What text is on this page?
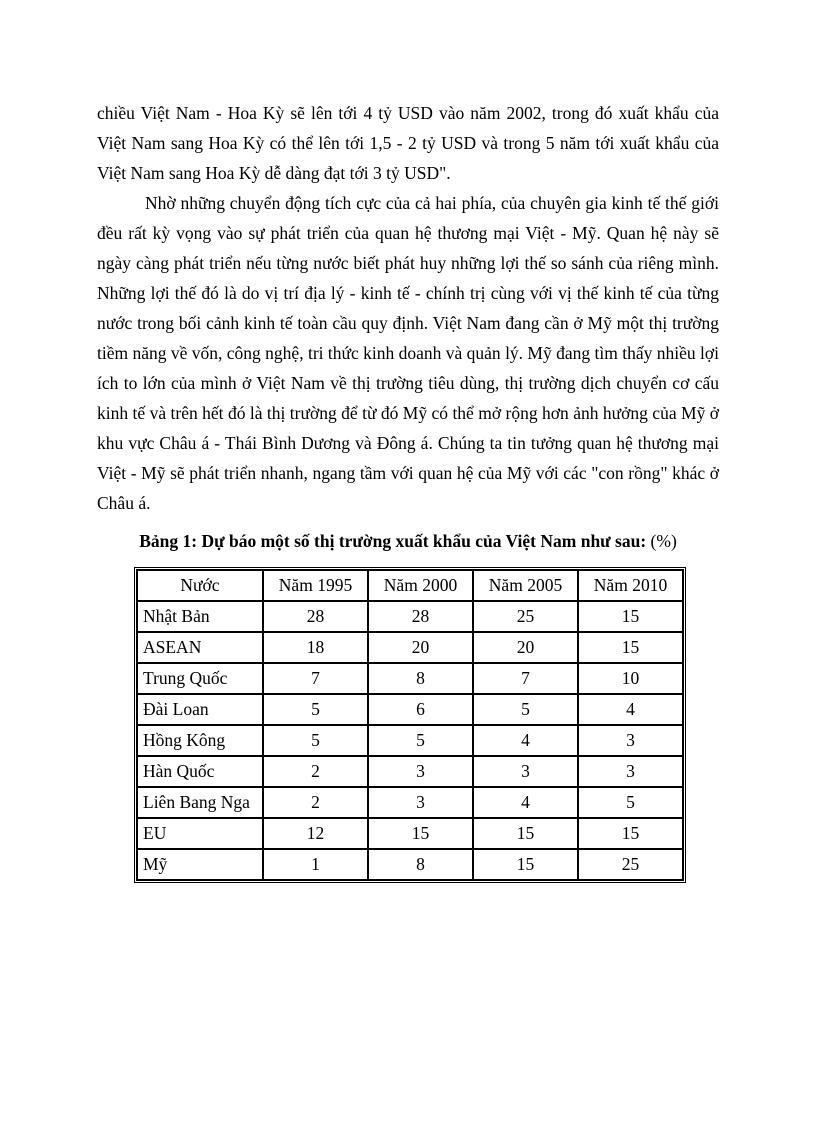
chiều Việt Nam - Hoa Kỳ sẽ lên tới 4 tỷ USD vào năm 2002, trong đó xuất khẩu của Việt Nam sang Hoa Kỳ có thể lên tới 1,5 - 2 tỷ USD và trong 5 năm tới xuất khẩu của Việt Nam sang Hoa Kỳ dễ dàng đạt tới 3 tỷ USD".

Nhờ những chuyển động tích cực của cả hai phía, của chuyên gia kinh tế thế giới đều rất kỳ vọng vào sự phát triển của quan hệ thương mại Việt - Mỹ. Quan hệ này sẽ ngày càng phát triển nếu từng nước biết phát huy những lợi thế so sánh của riêng mình. Những lợi thế đó là do vị trí địa lý - kinh tế - chính trị cùng với vị thế kinh tế của từng nước trong bối cảnh kinh tế toàn cầu quy định. Việt Nam đang cần ở Mỹ một thị trường tiềm năng về vốn, công nghệ, tri thức kinh doanh và quản lý. Mỹ đang tìm thấy nhiều lợi ích to lớn của mình ở Việt Nam về thị trường tiêu dùng, thị trường dịch chuyển cơ cấu kinh tế và trên hết đó là thị trường để từ đó Mỹ có thể mở rộng hơn ảnh hưởng của Mỹ ở khu vực Châu á - Thái Bình Dương và Đông á. Chúng ta tin tưởng quan hệ thương mại Việt - Mỹ sẽ phát triển nhanh, ngang tầm với quan hệ của Mỹ với các "con rồng" khác ở Châu á.

Bảng 1: Dự báo một số thị trường xuất khẩu của Việt Nam như sau: (%)

Nước	Năm 1995	Năm 2000	Năm 2005	Năm 2010
Nhật Bản	28	28	25	15
ASEAN	18	20	20	15
Trung Quốc	7	8	7	10
Đài Loan	5	6	5	4
Hồng Kông	5	5	4	3
Hàn Quốc	2	3	3	3
Liên Bang Nga	2	3	4	5
EU	12	15	15	15
Mỹ	1	8	15	25
